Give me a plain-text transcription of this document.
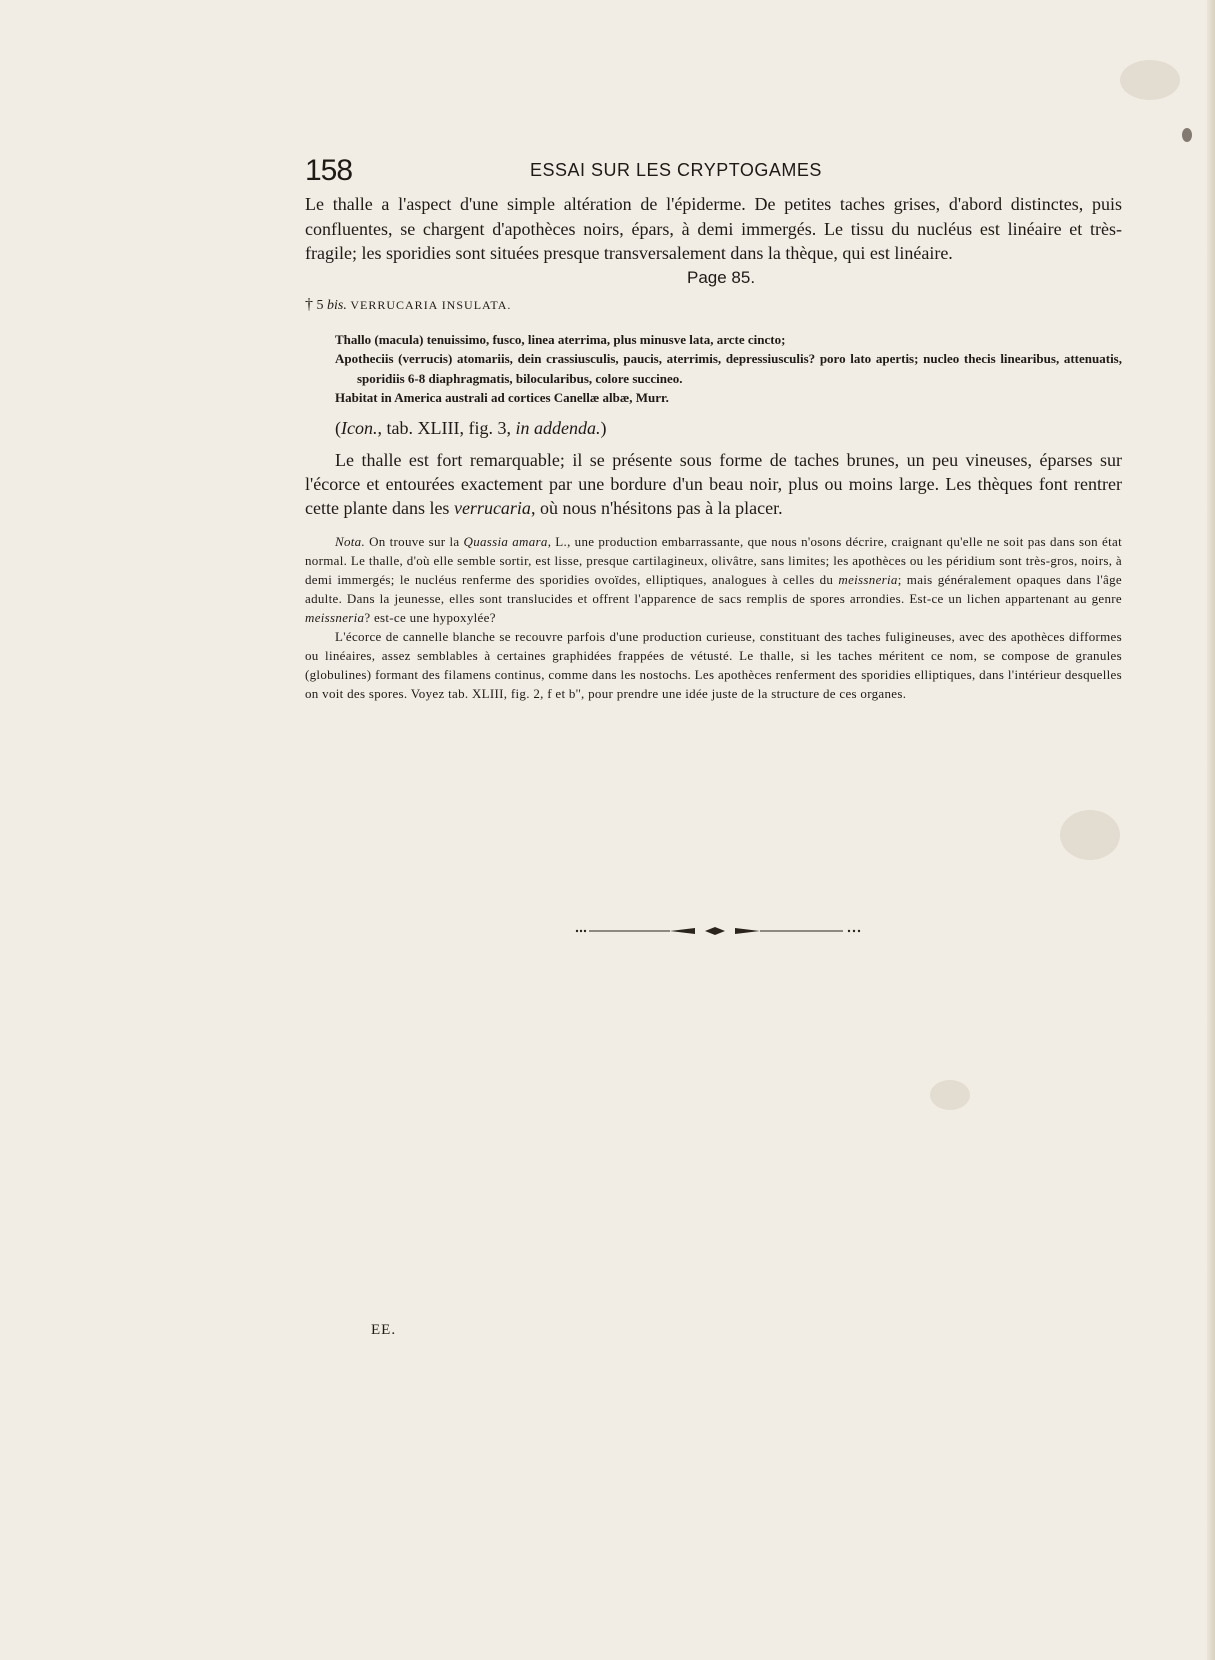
158	ESSAI SUR LES CRYPTOGAMES

Le thalle a l'aspect d'une simple altération de l'épiderme. De petites taches grises, d'abord distinctes, puis confluentes, se chargent d'apothèces noirs, épars, à demi immergés. Le tissu du nucléus est linéaire et très-fragile; les sporidies sont situées presque transversalement dans la thèque, qui est linéaire.

Page 85.
† 5 bis. VERRUCARIA INSULATA.

Thallo (macula) tenuissimo, fusco, linea aterrima, plus minusve lata, arcte cincto;

Apotheciis (verrucis) atomariis, dein crassiusculis, paucis, aterrimis, depressiusculis? poro lato apertis; nucleo thecis linearibus, attenuatis, sporidiis 6-8 diaphragmatis, bilocularibus, colore succineo.

Habitat in America australi ad cortices Canellæ albæ, Murr.

(Icon., tab. XLIII, fig. 3, in addenda.)

Le thalle est fort remarquable; il se présente sous forme de taches brunes, un peu vineuses, éparses sur l'écorce et entourées exactement par une bordure d'un beau noir, plus ou moins large. Les thèques font rentrer cette plante dans les verrucaria, où nous n'hésitons pas à la placer.

Nota. On trouve sur la Quassia amara, L., une production embarrassante, que nous n'osons décrire, craignant qu'elle ne soit pas dans son état normal. Le thalle, d'où elle semble sortir, est lisse, presque cartilagineux, olivâtre, sans limites; les apothèces ou les péridium sont très-gros, noirs, à demi immergés; le nucléus renferme des sporidies ovoïdes, elliptiques, analogues à celles du meissneria; mais généralement opaques dans l'âge adulte. Dans la jeunesse, elles sont translucides et offrent l'apparence de sacs remplis de spores arrondies. Est-ce un lichen appartenant au genre meissneria? est-ce une hypoxylée?

L'écorce de cannelle blanche se recouvre parfois d'une production curieuse, constituant des taches fuligineuses, avec des apothèces difformes ou linéaires, assez semblables à certaines graphidées frappées de vétusté. Le thalle, si les taches méritent ce nom, se compose de granules (globulines) formant des filamens continus, comme dans les nostochs. Les apothèces renferment des sporidies elliptiques, dans l'intérieur desquelles on voit des spores. Voyez tab. XLIII, fig. 2, f et b'', pour prendre une idée juste de la structure de ces organes.

EE.
